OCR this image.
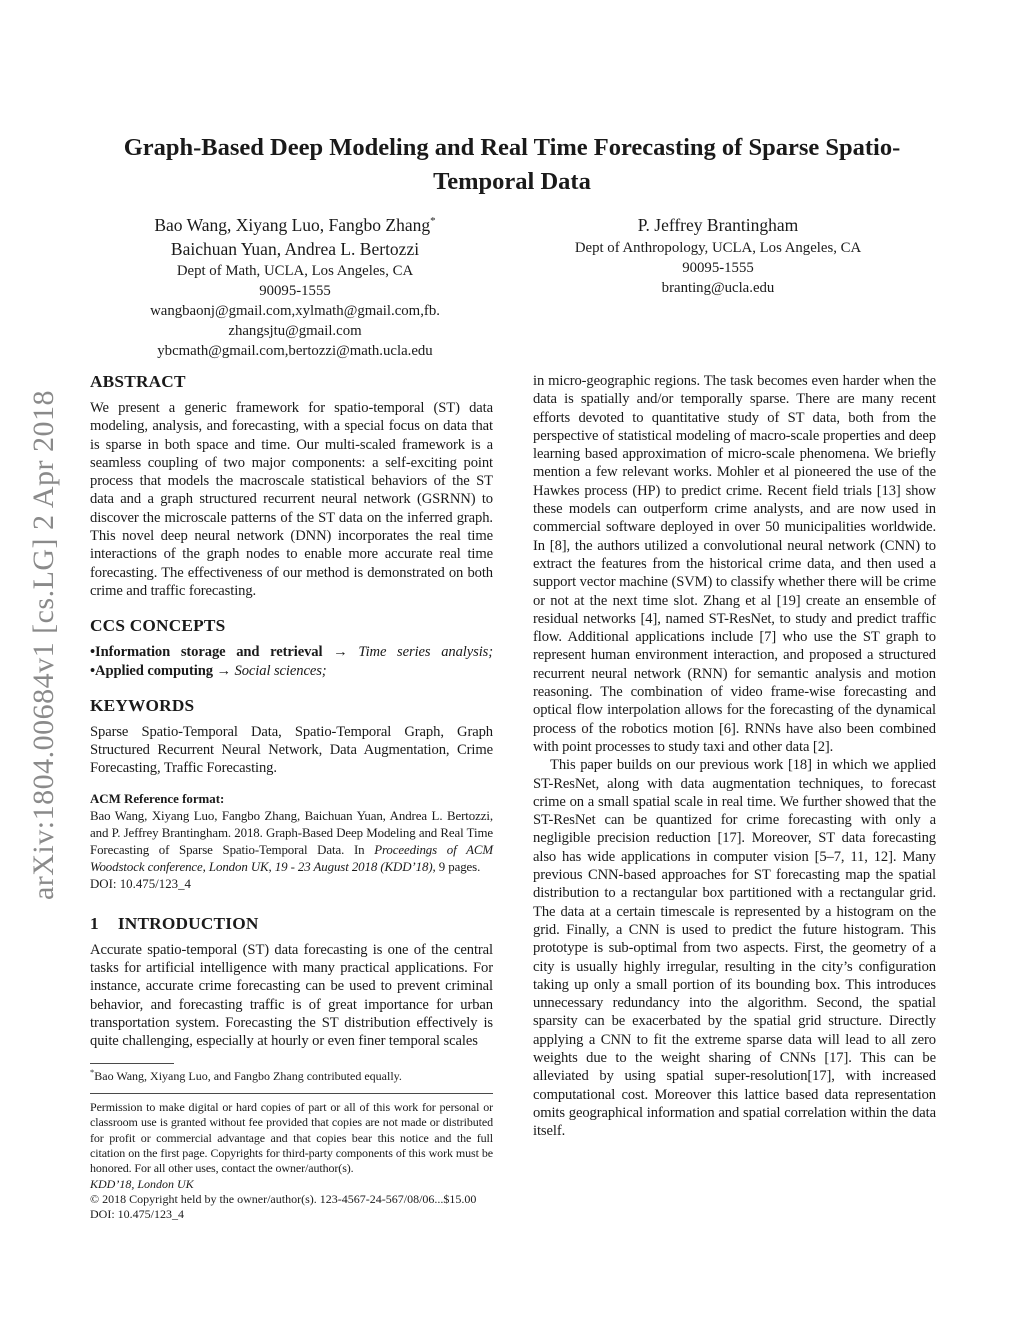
arXiv:1804.00684v1 [cs.LG] 2 Apr 2018
Graph-Based Deep Modeling and Real Time Forecasting of Sparse Spatio-Temporal Data
Bao Wang, Xiyang Luo, Fangbo Zhang*
Baichuan Yuan, Andrea L. Bertozzi
Dept of Math, UCLA, Los Angeles, CA
90095-1555
wangbaonj@gmail.com,xylmath@gmail.com,fb.
zhangsjtu@gmail.com
ybcmath@gmail.com,bertozzi@math.ucla.edu
P. Jeffrey Brantingham
Dept of Anthropology, UCLA, Los Angeles, CA
90095-1555
branting@ucla.edu
ABSTRACT

We present a generic framework for spatio-temporal (ST) data modeling, analysis, and forecasting, with a special focus on data that is sparse in both space and time. Our multi-scaled framework is a seamless coupling of two major components: a self-exciting point process that models the macroscale statistical behaviors of the ST data and a graph structured recurrent neural network (GSRNN) to discover the microscale patterns of the ST data on the inferred graph. This novel deep neural network (DNN) incorporates the real time interactions of the graph nodes to enable more accurate real time forecasting. The effectiveness of our method is demonstrated on both crime and traffic forecasting.

CCS CONCEPTS

•Information storage and retrieval → Time series analysis; •Applied computing → Social sciences;

KEYWORDS

Sparse Spatio-Temporal Data, Spatio-Temporal Graph, Graph Structured Recurrent Neural Network, Data Augmentation, Crime Forecasting, Traffic Forecasting.

ACM Reference format:

Bao Wang, Xiyang Luo, Fangbo Zhang, Baichuan Yuan, Andrea L. Bertozzi, and P. Jeffrey Brantingham. 2018. Graph-Based Deep Modeling and Real Time Forecasting of Sparse Spatio-Temporal Data. In Proceedings of ACM Woodstock conference, London UK, 19 - 23 August 2018 (KDD’18), 9 pages.

DOI: 10.475/123_4

1 INTRODUCTION

Accurate spatio-temporal (ST) data forecasting is one of the central tasks for artificial intelligence with many practical applications. For instance, accurate crime forecasting can be used to prevent criminal behavior, and forecasting traffic is of great importance for urban transportation system. Forecasting the ST distribution effectively is quite challenging, especially at hourly or even finer temporal scales

*Bao Wang, Xiyang Luo, and Fangbo Zhang contributed equally.

Permission to make digital or hard copies of part or all of this work for personal or classroom use is granted without fee provided that copies are not made or distributed for profit or commercial advantage and that copies bear this notice and the full citation on the first page. Copyrights for third-party components of this work must be honored. For all other uses, contact the owner/author(s).

KDD’18, London UK

© 2018 Copyright held by the owner/author(s). 123-4567-24-567/08/06...$15.00

DOI: 10.475/123_4

in micro-geographic regions. The task becomes even harder when the data is spatially and/or temporally sparse. There are many recent efforts devoted to quantitative study of ST data, both from the perspective of statistical modeling of macro-scale properties and deep learning based approximation of micro-scale phenomena. We briefly mention a few relevant works. Mohler et al pioneered the use of the Hawkes process (HP) to predict crime. Recent field trials [13] show these models can outperform crime analysts, and are now used in commercial software deployed in over 50 municipalities worldwide. In [8], the authors utilized a convolutional neural network (CNN) to extract the features from the historical crime data, and then used a support vector machine (SVM) to classify whether there will be crime or not at the next time slot. Zhang et al [19] create an ensemble of residual networks [4], named ST-ResNet, to study and predict traffic flow. Additional applications include [7] who use the ST graph to represent human environment interaction, and proposed a structured recurrent neural network (RNN) for semantic analysis and motion reasoning. The combination of video frame-wise forecasting and optical flow interpolation allows for the forecasting of the dynamical process of the robotics motion [6]. RNNs have also been combined with point processes to study taxi and other data [2].

This paper builds on our previous work [18] in which we applied ST-ResNet, along with data augmentation techniques, to forecast crime on a small spatial scale in real time. We further showed that the ST-ResNet can be quantized for crime forecasting with only a negligible precision reduction [17]. Moreover, ST data forecasting also has wide applications in computer vision [5–7, 11, 12]. Many previous CNN-based approaches for ST forecasting map the spatial distribution to a rectangular box partitioned with a rectangular grid. The data at a certain timescale is represented by a histogram on the grid. Finally, a CNN is used to predict the future histogram. This prototype is sub-optimal from two aspects. First, the geometry of a city is usually highly irregular, resulting in the city’s configuration taking up only a small portion of its bounding box. This introduces unnecessary redundancy into the algorithm. Second, the spatial sparsity can be exacerbated by the spatial grid structure. Directly applying a CNN to fit the extreme sparse data will lead to all zero weights due to the weight sharing of CNNs [17]. This can be alleviated by using spatial super-resolution[17], with increased computational cost. Moreover this lattice based data representation omits geographical information and spatial correlation within the data itself.
